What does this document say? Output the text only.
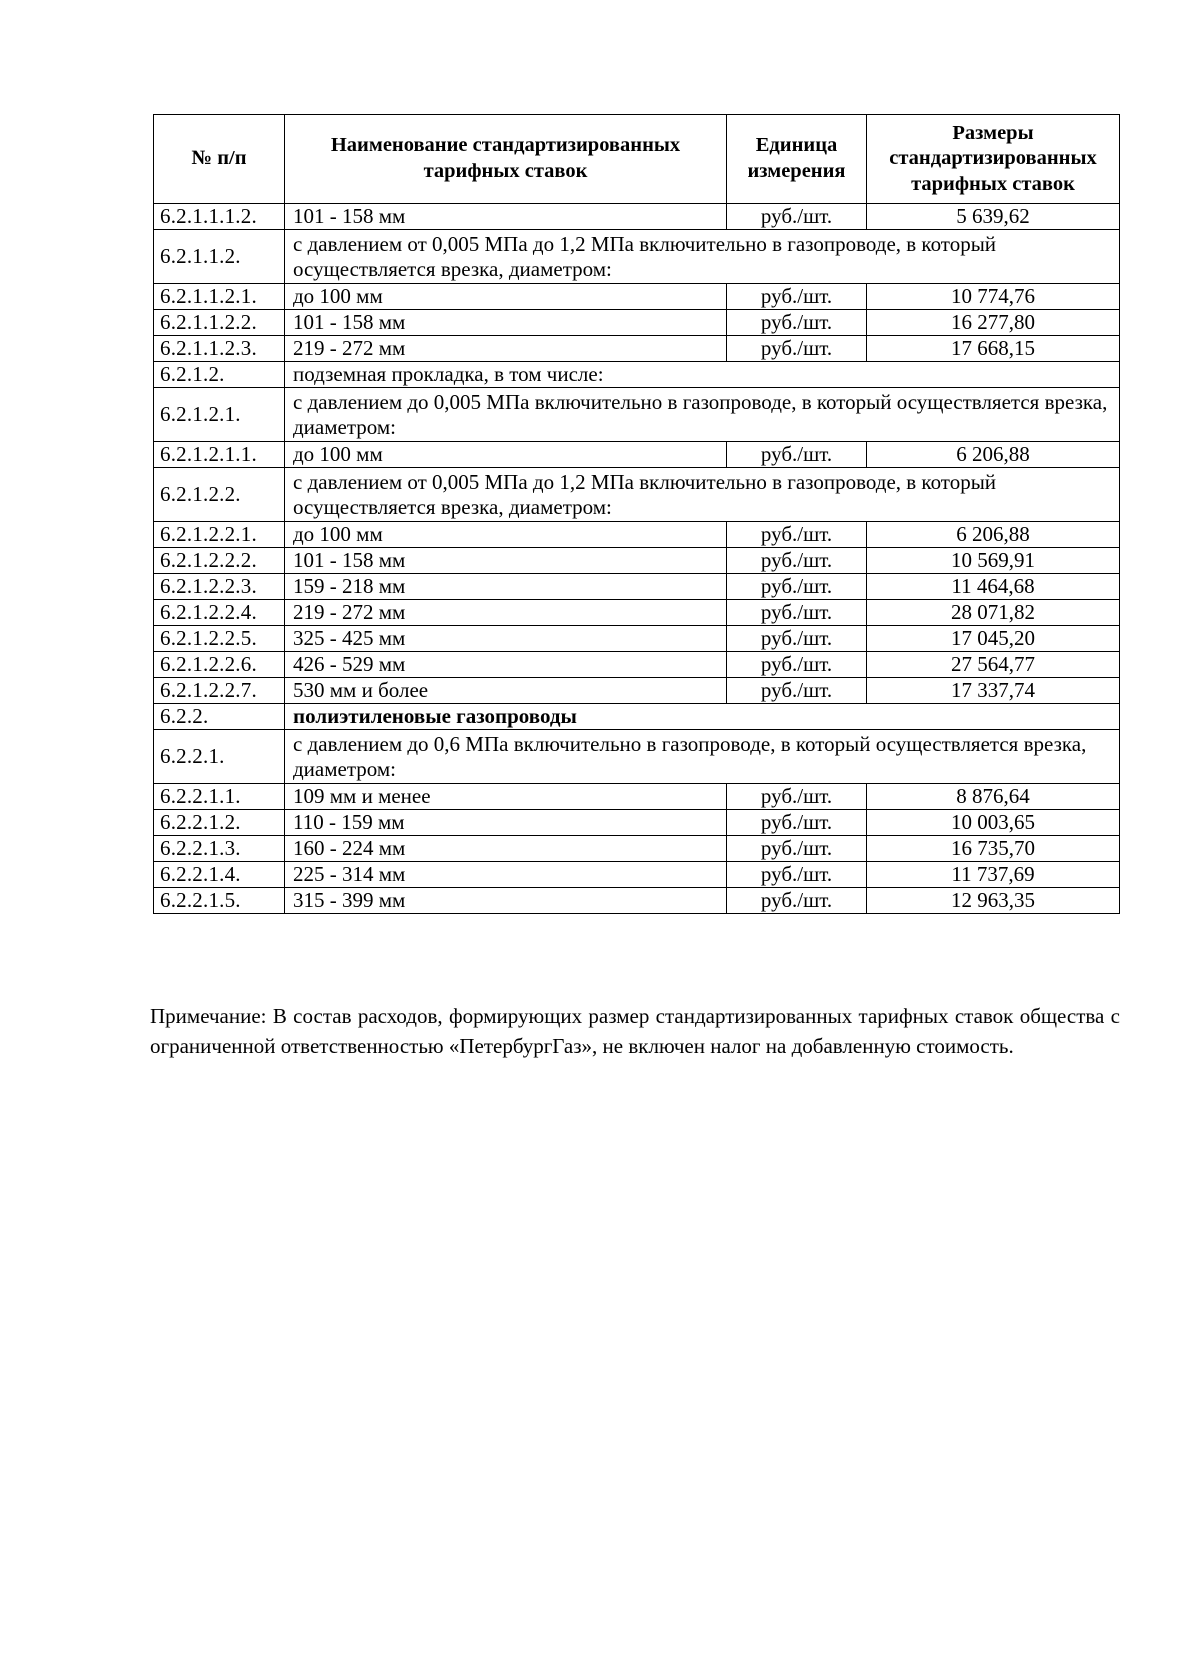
№ п/п	Наименование стандартизированных тарифных ставок	Единица измерения	Размеры стандартизированных тарифных ставок
6.2.1.1.1.2.	101 - 158 мм	руб./шт.	5 639,62
6.2.1.1.2.	с давлением от 0,005 МПа до 1,2 МПа включительно в газопроводе, в который осуществляется врезка, диаметром:		
6.2.1.1.2.1.	до 100 мм	руб./шт.	10 774,76
6.2.1.1.2.2.	101 - 158 мм	руб./шт.	16 277,80
6.2.1.1.2.3.	219 - 272 мм	руб./шт.	17 668,15
6.2.1.2.	подземная прокладка, в том числе:		
6.2.1.2.1.	с давлением до 0,005 МПа включительно в газопроводе, в который осуществляется врезка, диаметром:		
6.2.1.2.1.1.	до 100 мм	руб./шт.	6 206,88
6.2.1.2.2.	с давлением от 0,005 МПа до 1,2 МПа включительно в газопроводе, в который осуществляется врезка, диаметром:		
6.2.1.2.2.1.	до 100 мм	руб./шт.	6 206,88
6.2.1.2.2.2.	101 - 158 мм	руб./шт.	10 569,91
6.2.1.2.2.3.	159 - 218 мм	руб./шт.	11 464,68
6.2.1.2.2.4.	219 - 272 мм	руб./шт.	28 071,82
6.2.1.2.2.5.	325 - 425 мм	руб./шт.	17 045,20
6.2.1.2.2.6.	426 - 529 мм	руб./шт.	27 564,77
6.2.1.2.2.7.	530 мм и более	руб./шт.	17 337,74
6.2.2.	полиэтиленовые газопроводы		
6.2.2.1.	с давлением до 0,6 МПа включительно в газопроводе, в который осуществляется врезка, диаметром:		
6.2.2.1.1.	109 мм и менее	руб./шт.	8 876,64
6.2.2.1.2.	110 - 159 мм	руб./шт.	10 003,65
6.2.2.1.3.	160 - 224 мм	руб./шт.	16 735,70
6.2.2.1.4.	225 - 314 мм	руб./шт.	11 737,69
6.2.2.1.5.	315 - 399 мм	руб./шт.	12 963,35

Примечание: В состав расходов, формирующих размер стандартизированных тарифных ставок общества с ограниченной ответственностью «ПетербургГаз», не включен налог на добавленную стоимость.
